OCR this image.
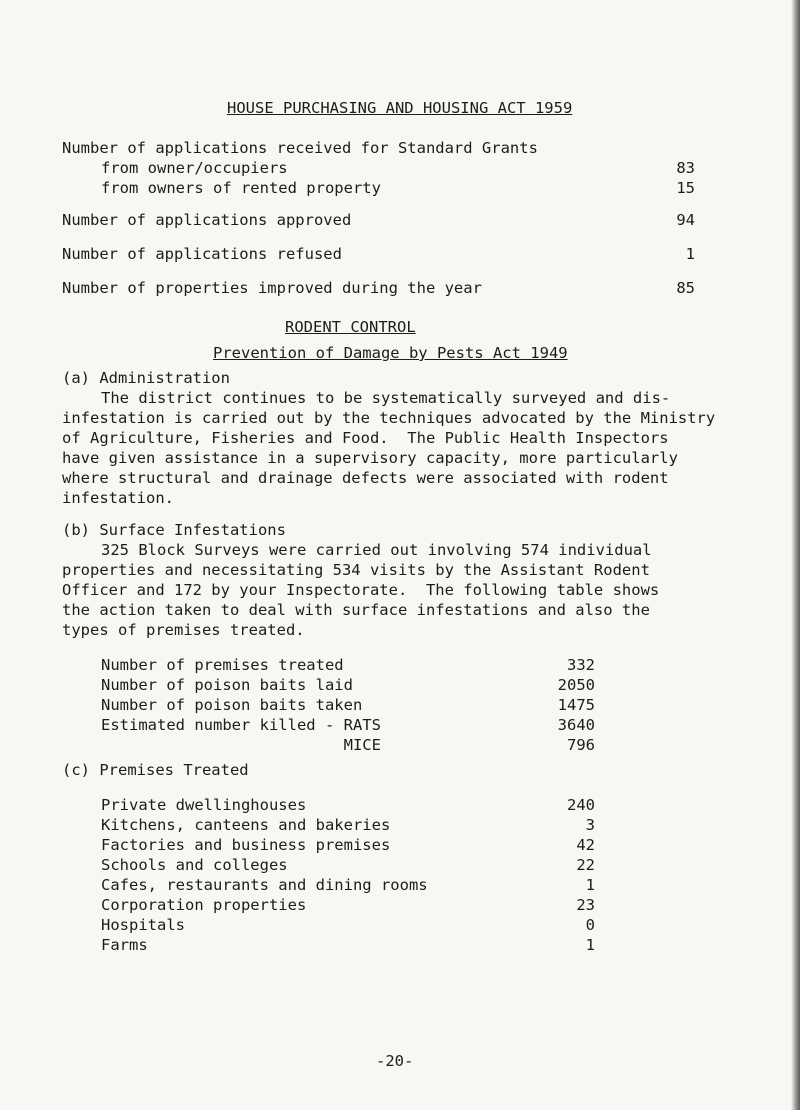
HOUSE PURCHASING AND HOUSING ACT 1959
Number of applications received for Standard Grants
from owner/occupiers	83
from owners of rented property	15
Number of applications approved	94
Number of applications refused	1
Number of properties improved during the year	85
RODENT CONTROL
Prevention of Damage by Pests Act 1949
(a) Administration
The district continues to be systematically surveyed and dis-
infestation is carried out by the techniques advocated by the Ministry
of Agriculture, Fisheries and Food.  The Public Health Inspectors
have given assistance in a supervisory capacity, more particularly
where structural and drainage defects were associated with rodent
infestation.
(b) Surface Infestations
325 Block Surveys were carried out involving 574 individual
properties and necessitating 534 visits by the Assistant Rodent
Officer and 172 by your Inspectorate.  The following table shows
the action taken to deal with surface infestations and also the
types of premises treated.
Number of premises treated	332
Number of poison baits laid	2050
Number of poison baits taken	1475
Estimated number killed - RATS	3640
MICE	796
(c) Premises Treated
Private dwellinghouses	240
Kitchens, canteens and bakeries	3
Factories and business premises	42
Schools and colleges	22
Cafes, restaurants and dining rooms	1
Corporation properties	23
Hospitals	0
Farms	1
-20-
